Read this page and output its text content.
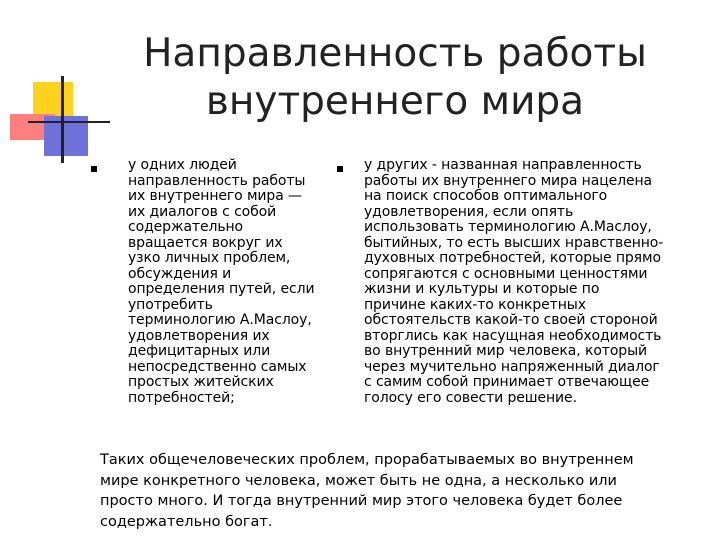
Направленность работы
внутреннего мира
у одних людей направленность работы их внутреннего мира — их диалогов с собой содержательно вращается вокруг их узко личных проблем, обсуждения и определения путей, если употребить терминологию А.Маслоу, удовлетворения их дефицитарных или непосредственно самых простых житейских потребностей;
у других - названная направленность работы их внутреннего мира нацелена на поиск способов оптимального удовлетворения, если опять использовать терминологию А.Маслоу, бытийных, то есть высших нравственно-духовных потребностей, которые прямо сопрягаются с основными ценностями жизни и культуры и которые по причине каких-то конкретных обстоятельств какой-то своей стороной вторглись как насущная необходимость во внутренний мир человека, который через мучительно напряженный диалог с самим собой принимает отвечающее голосу его совести решение.
Таких общечеловеческих проблем, прорабатываемых во внутреннем мире конкретного человека, может быть не одна, а несколько или просто много. И тогда внутренний мир этого человека будет более содержательно богат.
